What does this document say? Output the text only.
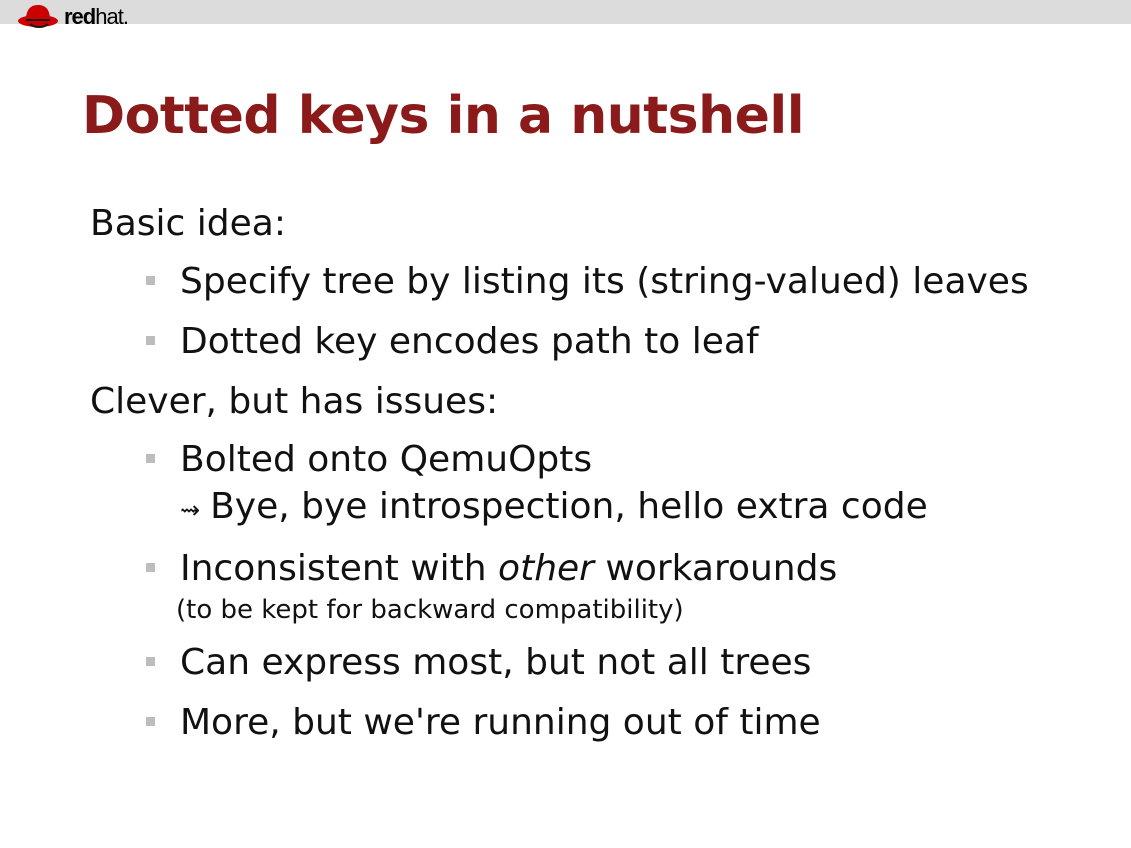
redhat.
Dotted keys in a nutshell
Basic idea:
Specify tree by listing its (string-valued) leaves
Dotted key encodes path to leaf
Clever, but has issues:
Bolted onto QemuOpts
⇝ Bye, bye introspection, hello extra code
Inconsistent with other workarounds
(to be kept for backward compatibility)
Can express most, but not all trees
More, but we're running out of time
